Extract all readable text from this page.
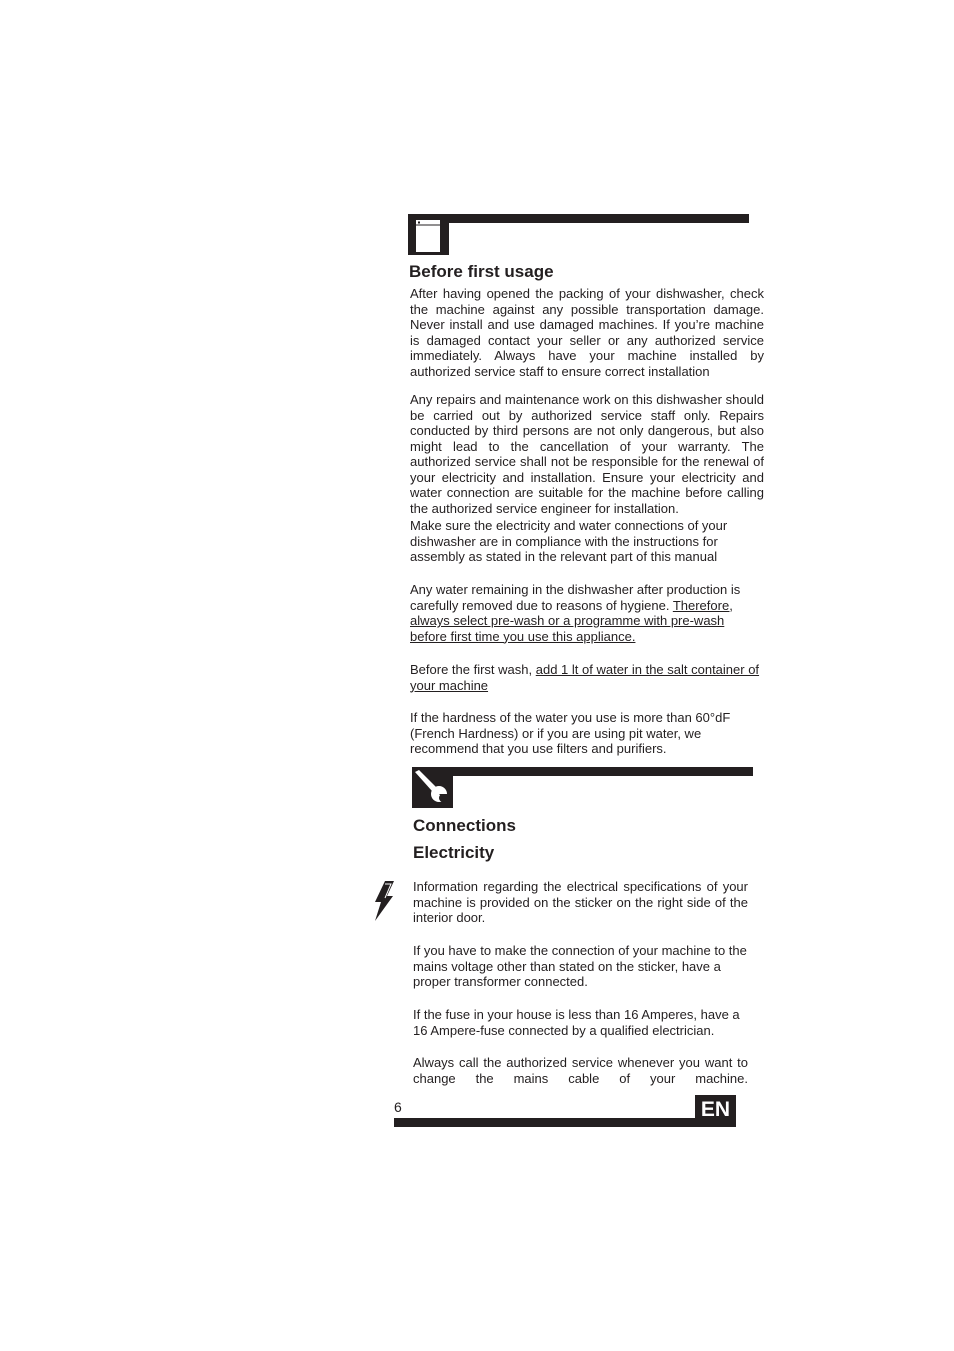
Before first usage

After having opened the packing of your dishwasher, check the machine against any possible transportation damage. Never install and use damaged machines. If you’re machine is damaged contact your seller or any authorized service immediately. Always have your machine installed by authorized service staff to ensure correct installation

Any repairs and maintenance work on this dishwasher should be carried out by authorized service staff only. Repairs conducted by third persons are not only dangerous, but also might lead to the cancellation of your warranty. The authorized service shall not be responsible for the renewal of your electricity and installation. Ensure your electricity and water connection are suitable for the machine before calling the authorized service engineer for installation.

Make sure the electricity and water connections of your dishwasher are in compliance with the instructions for assembly as stated in the relevant part of this manual

Any water remaining in the dishwasher after production is carefully removed due to reasons of hygiene. Therefore, always select pre-wash or a programme with pre-wash before first time you use this appliance.

Before the first wash, add 1 lt of water in the salt container of your machine

If the hardness of the water you use is more than 60°dF (French Hardness) or if you are using pit water, we recommend that you use filters and purifiers.

Connections
Electricity

Information regarding the electrical specifications of your machine is provided on the sticker on the right side of the interior door.

If you have to make the connection of your machine to the mains voltage other than stated on the sticker, have a proper transformer connected.

If the fuse in your house is less than 16 Amperes, have a 16 Ampere-fuse connected by a qualified electrician.

Always call the authorized service whenever you want to change the mains cable of your machine.

6	EN
